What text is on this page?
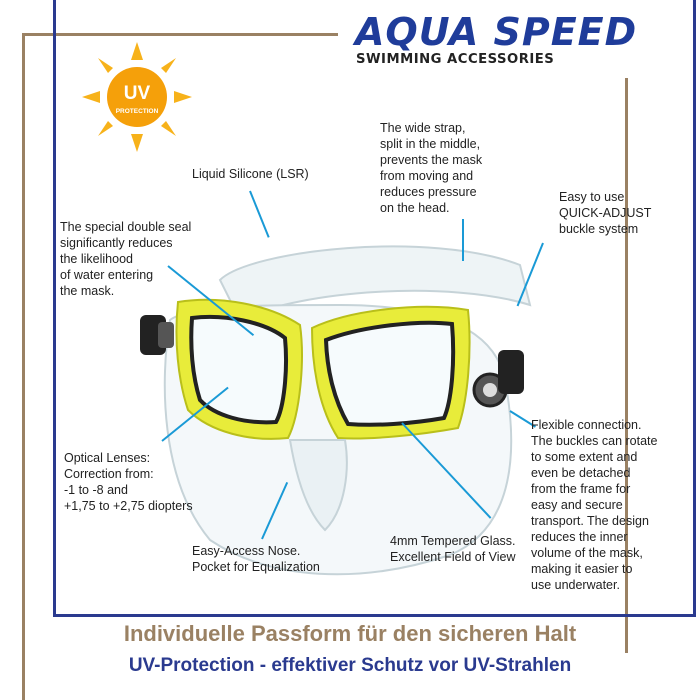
AQUA SPEED
SWIMMING ACCESSORIES
UV
PROTECTION
Liquid Silicone (LSR)
The wide strap,
split in the middle,
prevents the mask
from moving and
reduces pressure
on the head.
Easy to use
QUICK-ADJUST
buckle system
The special double seal
significantly reduces
the likelihood
of water entering
the mask.
Optical Lenses:
Correction from:
-1 to -8 and
+1,75 to +2,75 diopters
Flexible connection.
The buckles can rotate
to some extent and
even be detached
from the frame for
easy and secure
transport. The design
reduces the inner
volume of the mask,
making it easier to
use underwater.
Easy-Access Nose.
Pocket for Equalization
4mm Tempered Glass.
Excellent Field of View
Individuelle Passform für den sicheren Halt
UV-Protection - effektiver Schutz vor UV-Strahlen
